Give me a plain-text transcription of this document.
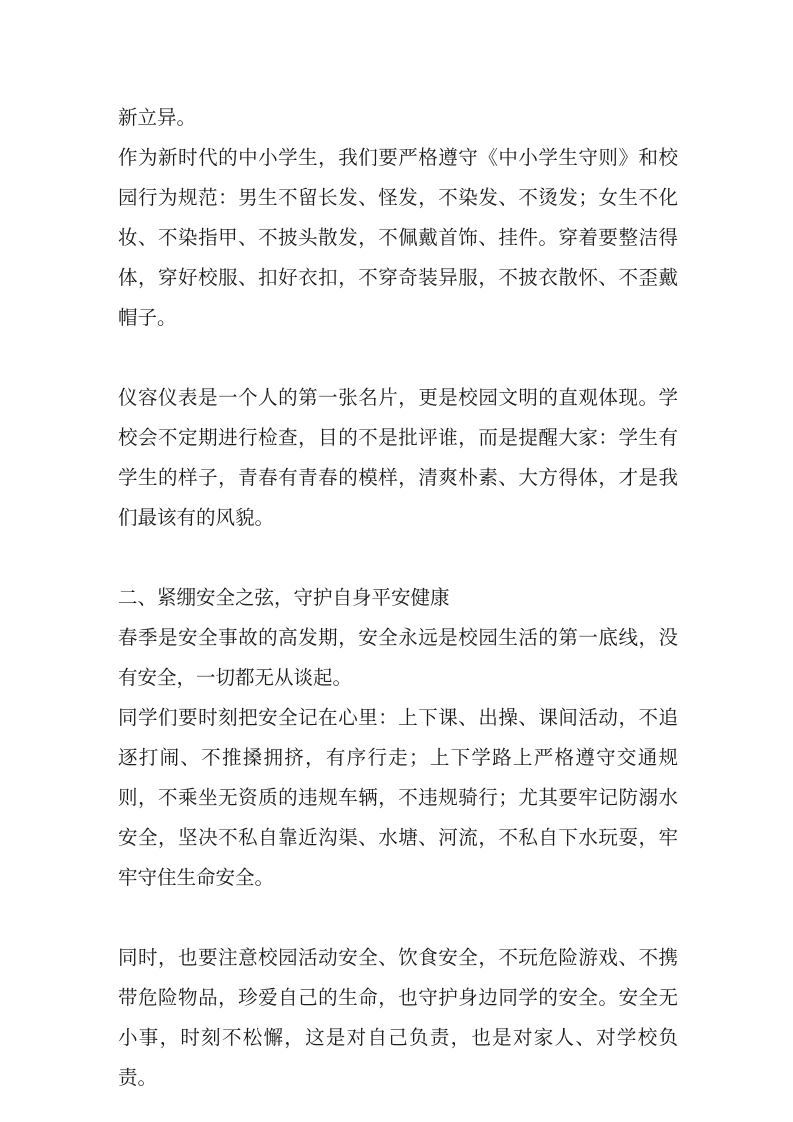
新立异。

作为新时代的中小学生，我们要严格遵守《中小学生守则》和校园行为规范：男生不留长发、怪发，不染发、不烫发；女生不化妆、不染指甲、不披头散发，不佩戴首饰、挂件。穿着要整洁得体，穿好校服、扣好衣扣，不穿奇装异服，不披衣散怀、不歪戴帽子。

仪容仪表是一个人的第一张名片，更是校园文明的直观体现。学校会不定期进行检查，目的不是批评谁，而是提醒大家：学生有学生的样子，青春有青春的模样，清爽朴素、大方得体，才是我们最该有的风貌。

二、紧绷安全之弦，守护自身平安健康

春季是安全事故的高发期，安全永远是校园生活的第一底线，没有安全，一切都无从谈起。

同学们要时刻把安全记在心里：上下课、出操、课间活动，不追逐打闹、不推搡拥挤，有序行走；上下学路上严格遵守交通规则，不乘坐无资质的违规车辆，不违规骑行；尤其要牢记防溺水安全，坚决不私自靠近沟渠、水塘、河流，不私自下水玩耍，牢牢守住生命安全。

同时，也要注意校园活动安全、饮食安全，不玩危险游戏、不携带危险物品，珍爱自己的生命，也守护身边同学的安全。安全无小事，时刻不松懈，这是对自己负责，也是对家人、对学校负责。
